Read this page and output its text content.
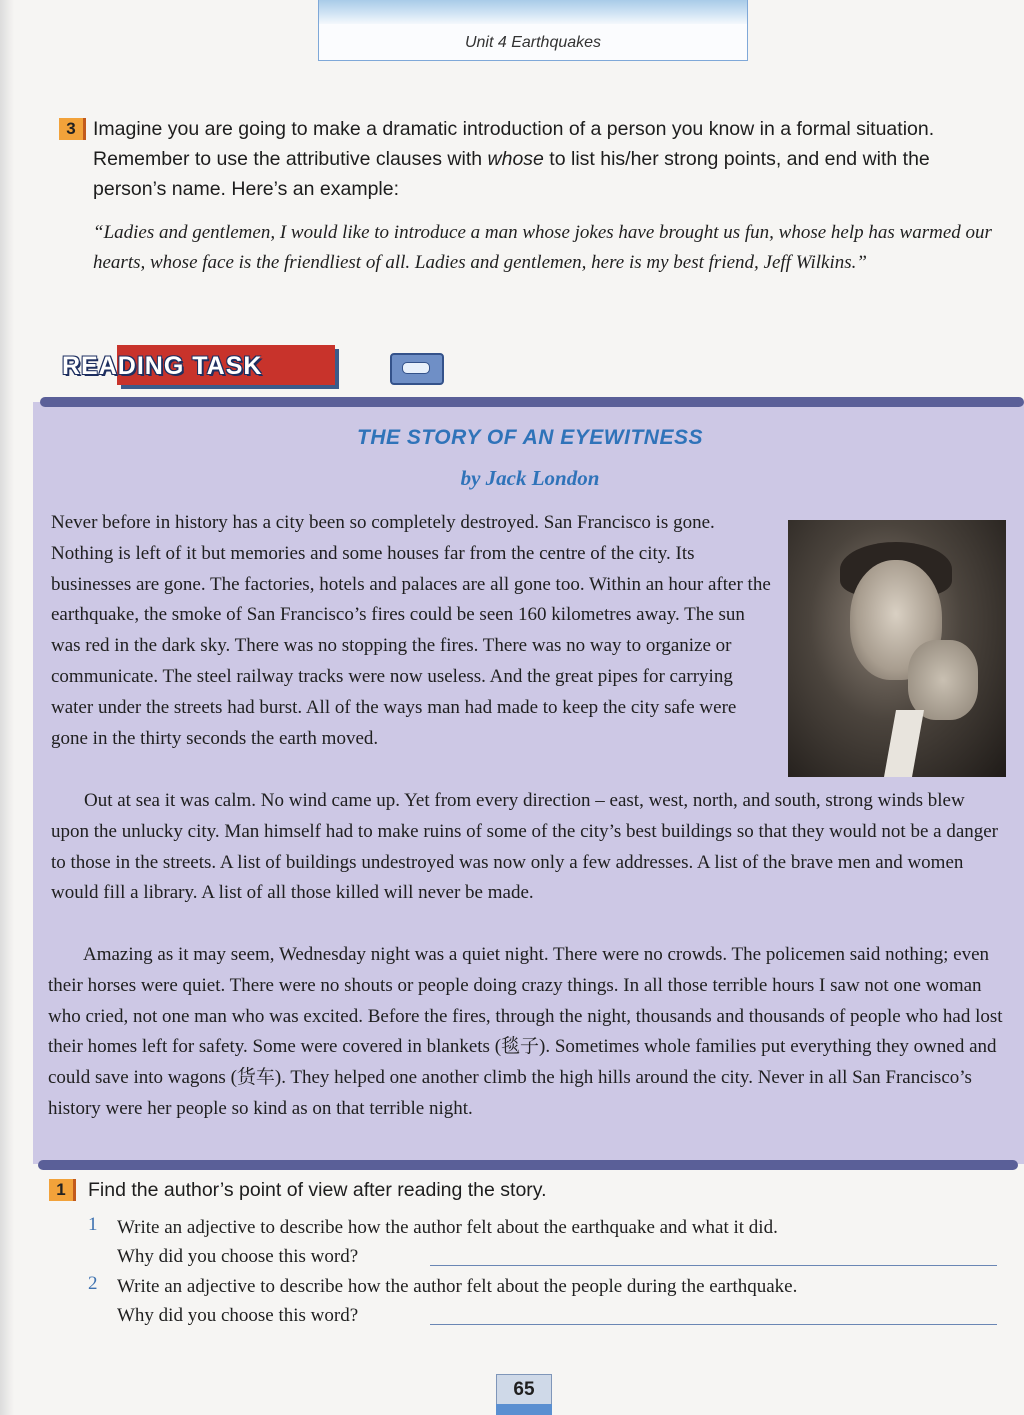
Unit 4 Earthquakes
3 Imagine you are going to make a dramatic introduction of a person you know in a formal situation. Remember to use the attributive clauses with whose to list his/her strong points, and end with the person’s name. Here’s an example:
“Ladies and gentlemen, I would like to introduce a man whose jokes have brought us fun, whose help has warmed our hearts, whose face is the friendliest of all. Ladies and gentlemen, here is my best friend, Jeff Wilkins.”
READING TASK
THE STORY OF AN EYEWITNESS
by Jack London

Never before in history has a city been so completely destroyed. San Francisco is gone. Nothing is left of it but memories and some houses far from the centre of the city. Its businesses are gone. The factories, hotels and palaces are all gone too. Within an hour after the earthquake, the smoke of San Francisco’s fires could be seen 160 kilometres away. The sun was red in the dark sky. There was no stopping the fires. There was no way to organize or communicate. The steel railway tracks were now useless. And the great pipes for carrying water under the streets had burst. All of the ways man had made to keep the city safe were gone in the thirty seconds the earth moved.

Out at sea it was calm. No wind came up. Yet from every direction – east, west, north, and south, strong winds blew upon the unlucky city. Man himself had to make ruins of some of the city’s best buildings so that they would not be a danger to those in the streets. A list of buildings undestroyed was now only a few addresses. A list of the brave men and women would fill a library. A list of all those killed will never be made.

Amazing as it may seem, Wednesday night was a quiet night. There were no crowds. The policemen said nothing; even their horses were quiet. There were no shouts or people doing crazy things. In all those terrible hours I saw not one woman who cried, not one man who was excited. Before the fires, through the night, thousands and thousands of people who had lost their homes left for safety. Some were covered in blankets (毯子). Sometimes whole families put everything they owned and could save into wagons (货车). They helped one another climb the high hills around the city. Never in all San Francisco’s history were her people so kind as on that terrible night.

1	Find the author’s point of view after reading the story.
1 Write an adjective to describe how the author felt about the earthquake and what it did.
Why did you choose this word?
2 Write an adjective to describe how the author felt about the people during the earthquake.
Why did you choose this word?
65
